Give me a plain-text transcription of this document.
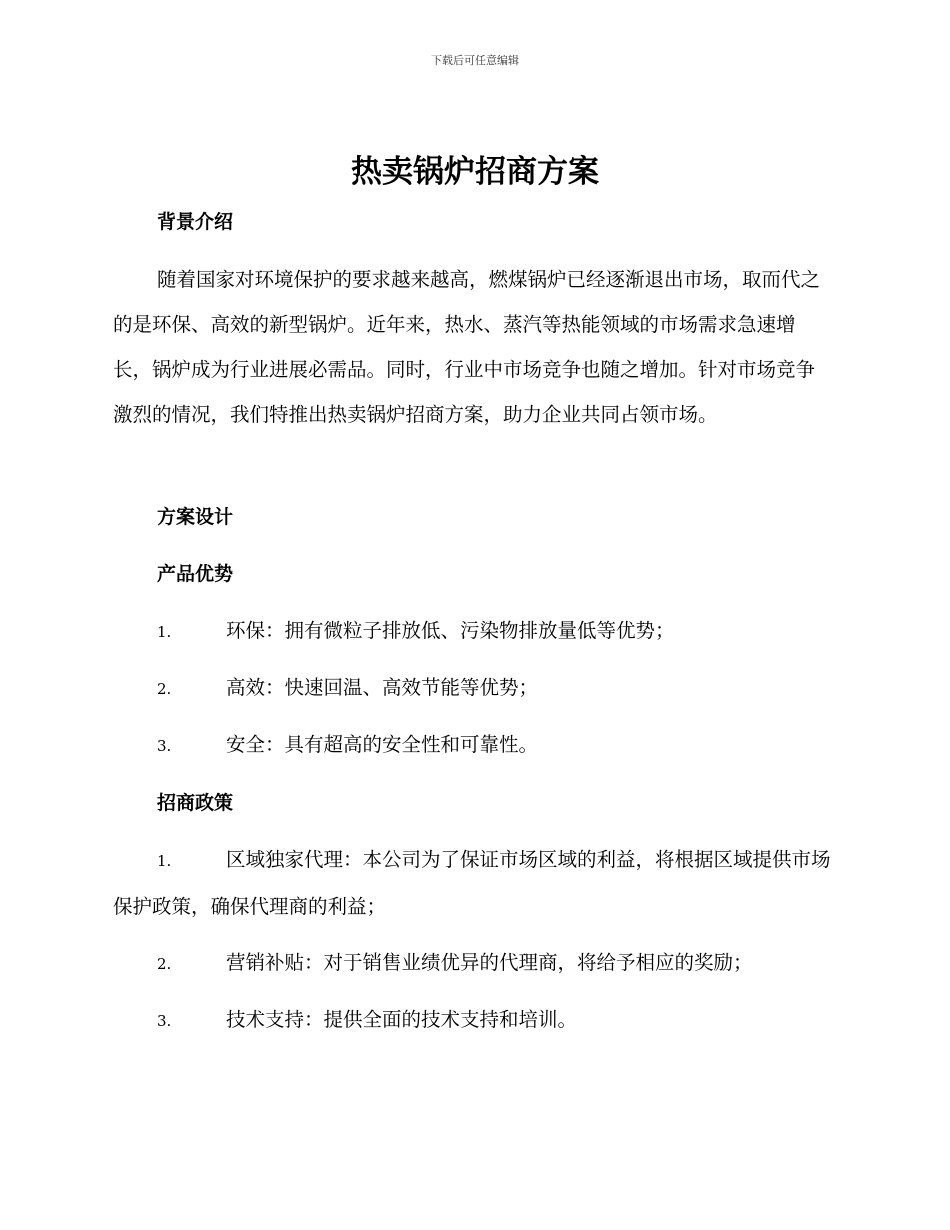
下载后可任意编辑
热卖锅炉招商方案
背景介绍

随着国家对环境保护的要求越来越高，燃煤锅炉已经逐渐退出市场，取而代之的是环保、高效的新型锅炉。近年来，热水、蒸汽等热能领域的市场需求急速增长，锅炉成为行业进展必需品。同时，行业中市场竞争也随之增加。针对市场竞争激烈的情况，我们特推出热卖锅炉招商方案，助力企业共同占领市场。

方案设计
产品优势
1.	环保：拥有微粒子排放低、污染物排放量低等优势；
2.	高效：快速回温、高效节能等优势；
3.	安全：具有超高的安全性和可靠性。
招商政策
1.	区域独家代理：本公司为了保证市场区域的利益，将根据区域提供市场保护政策，确保代理商的利益；
2.	营销补贴：对于销售业绩优异的代理商，将给予相应的奖励；
3.	技术支持：提供全面的技术支持和培训。
